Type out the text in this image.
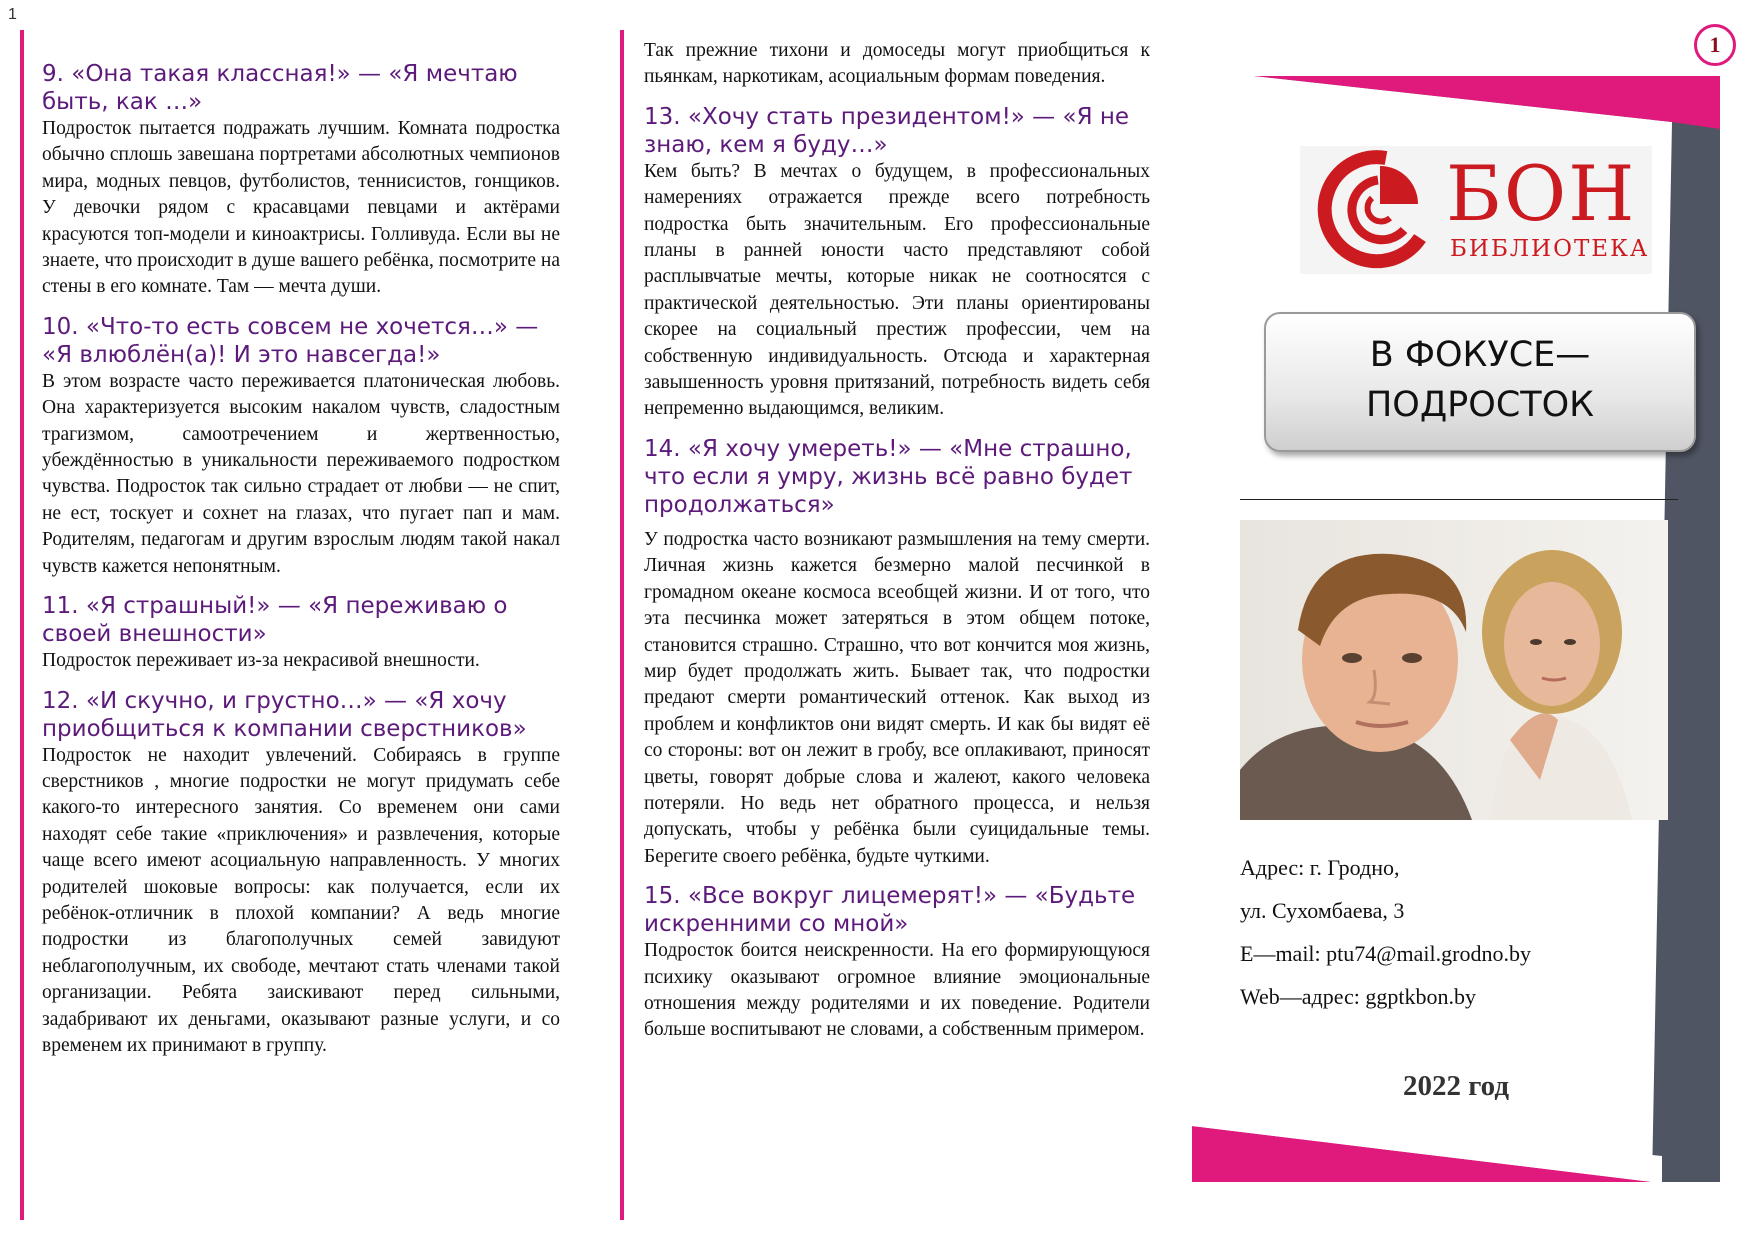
1
9. «Она такая классная!» — «Я мечтаю быть, как …»

Подросток пытается подражать лучшим. Комната подростка обычно сплошь завешана портретами абсолютных чемпионов мира, модных певцов, футболистов, теннисистов, гонщиков. У девочки рядом с красавцами певцами и актёрами красуются топ-модели и киноактрисы. Голливуда. Если вы не знаете, что происходит в душе вашего ребёнка, посмотрите на стены в его комнате. Там — мечта души.

10. «Что-то есть совсем не хочется…» — «Я влюблён(а)! И это навсегда!»

В этом возрасте часто переживается платоническая любовь. Она характеризуется высоким накалом чувств, сладостным трагизмом, самоотречением и жертвенностью, убеждённостью в уникальности переживаемого подростком чувства. Подросток так сильно страдает от любви — не спит, не ест, тоскует и сохнет на глазах, что пугает пап и мам. Родителям, педагогам и другим взрослым людям такой накал чувств кажется непонятным.

11. «Я страшный!» — «Я переживаю о своей внешности»

Подросток переживает из-за некрасивой внешности.

12. «И скучно, и грустно…» — «Я хочу приобщиться к компании сверстников»

Подросток не находит увлечений. Собираясь в группе сверстников , многие подростки не могут придумать себе какого-то интересного занятия. Со временем они сами находят себе такие «приключения» и развлечения, которые чаще всего имеют асоциальную направленность. У многих родителей шоковые вопросы: как получается, если их ребёнок-отличник в плохой компании? А ведь многие подростки из благополучных семей завидуют неблагополучным, их свободе, мечтают стать членами такой организации. Ребята заискивают перед сильными, задабривают их деньгами, оказывают разные услуги, и со временем их принимают в группу.

Так прежние тихони и домоседы могут приобщиться к пьянкам, наркотикам, асоциальным формам поведения.

13. «Хочу стать президентом!» — «Я не знаю, кем я буду…»

Кем быть? В мечтах о будущем, в профессиональных намерениях отражается прежде всего потребность подростка быть значительным. Его профессиональные планы в ранней юности часто представляют собой расплывчатые мечты, которые никак не соотносятся с практической деятельностью. Эти планы ориентированы скорее на социальный престиж профессии, чем на собственную индивидуальность. Отсюда и характерная завышенность уровня притязаний, потребность видеть себя непременно выдающимся, великим.

14. «Я хочу умереть!» — «Мне страшно, что если я умру, жизнь всё равно будет продолжаться»

У подростка часто возникают размышления на тему смерти. Личная жизнь кажется безмерно малой песчинкой в громадном океане космоса всеобщей жизни. И от того, что эта песчинка может затеряться в этом общем потоке, становится страшно. Страшно, что вот кончится моя жизнь, мир будет продолжать жить. Бывает так, что подростки предают смерти романтический оттенок. Как выход из проблем и конфликтов они видят смерть. И как бы видят её со стороны: вот он лежит в гробу, все оплакивают, приносят цветы, говорят добрые слова и жалеют, какого человека потеряли. Но ведь нет обратного процесса, и нельзя допускать, чтобы у ребёнка были суицидальные темы. Берегите своего ребёнка, будьте чуткими.

15. «Все вокруг лицемерят!» — «Будьте искренними со мной»

Подросток боится неискренности. На его формирующуюся психику оказывают огромное влияние эмоциональные отношения между родителями и их поведение. Родители больше воспитывают не словами, а собственным примером.

1
БОН
БИБЛИОТЕКА
В ФОКУСЕ—
ПОДРОСТОК
Адрес: г. Гродно,
ул. Сухомбаева, 3
E—mail: ptu74@mail.grodno.by
Web—адрес: ggptkbon.by
2022 год
